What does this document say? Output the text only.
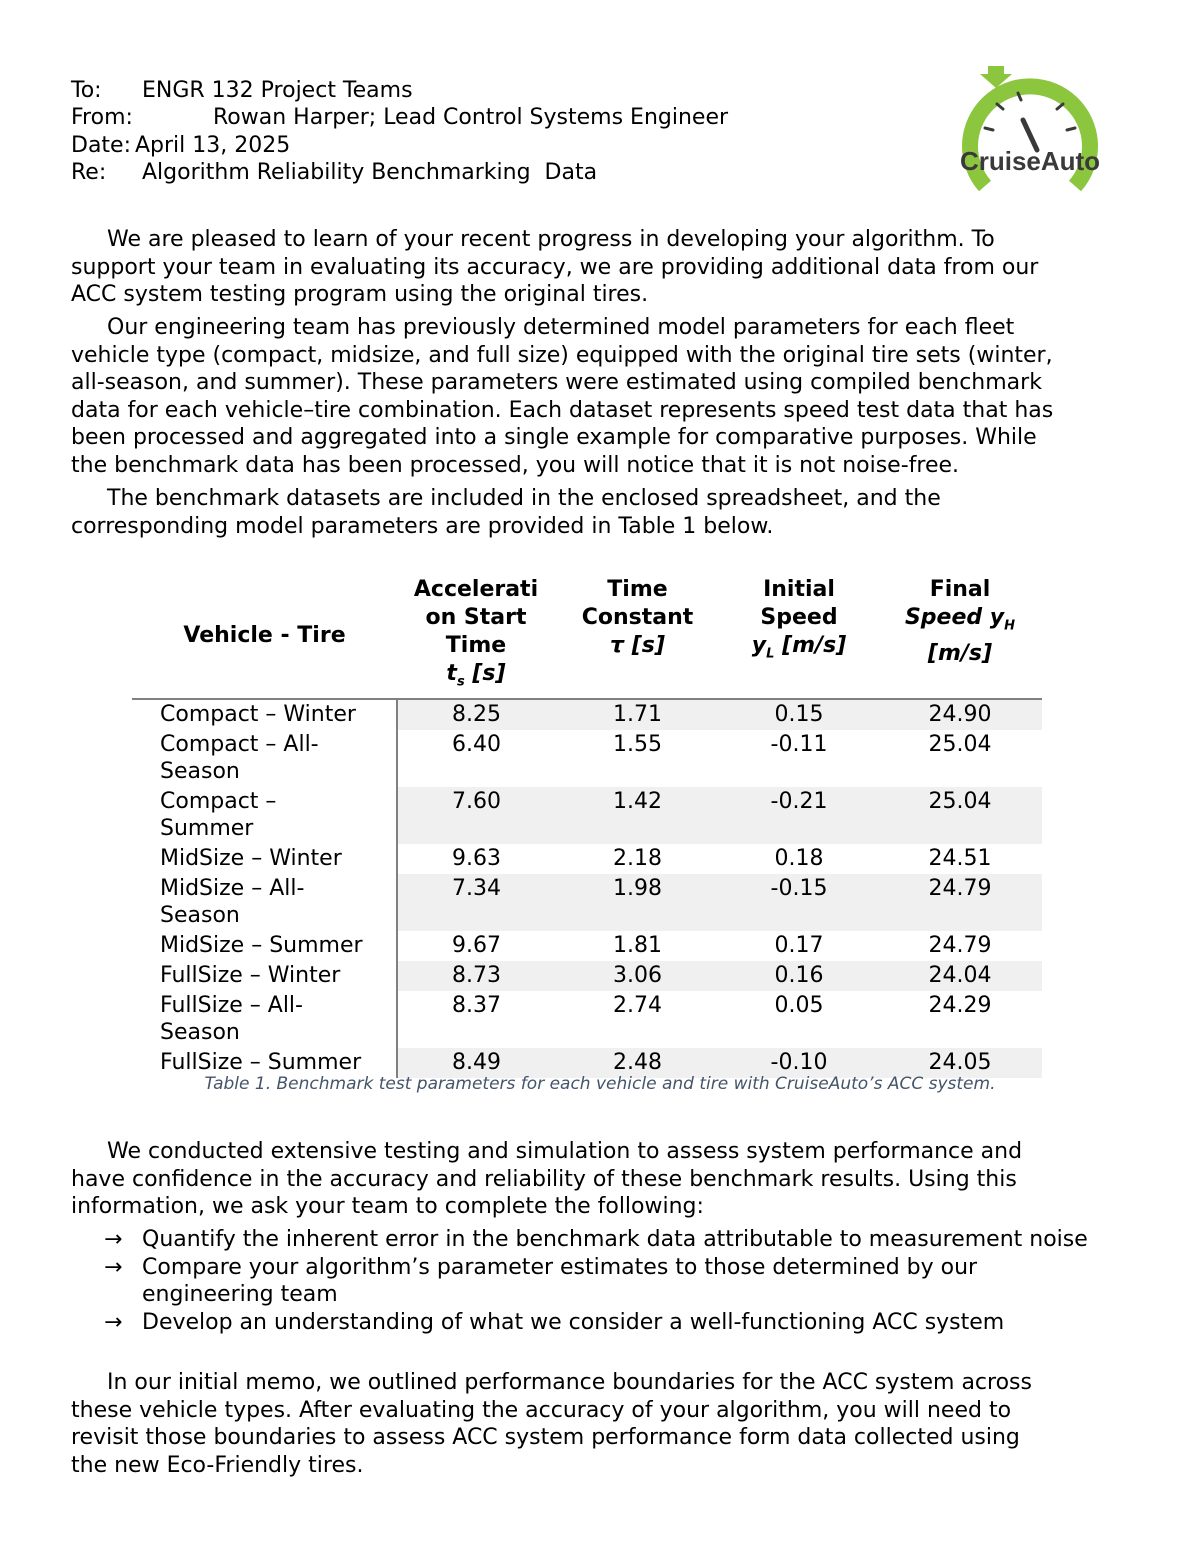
To: ENGR 132 Project Teams
From:	Rowan Harper; Lead Control Systems Engineer
Date: April 13, 2025
Re: Algorithm Reliability Benchmarking  Data	CruiseAuto

We are pleased to learn of your recent progress in developing your algorithm. To
support your team in evaluating its accuracy, we are providing additional data from our
ACC system testing program using the original tires.

Our engineering team has previously determined model parameters for each fleet
vehicle type (compact, midsize, and full size) equipped with the original tire sets (winter,
all-season, and summer). These parameters were estimated using compiled benchmark
data for each vehicle–tire combination. Each dataset represents speed test data that has
been processed and aggregated into a single example for comparative purposes. While
the benchmark data has been processed, you will notice that it is not noise-free.

The benchmark datasets are included in the enclosed spreadsheet, and the
corresponding model parameters are provided in Table 1 below.

Vehicle - Tire	Accelerati
on Start
Time
$t_s$ [s]	Time
Constant
τ [s]	Initial
Speed
$y_L$ [m/s]	Final
Speed $y_H$
[m/s]
Compact – Winter	8.25	1.71	0.15	24.90

Compact – All-Season	6.40	1.55	-0.11	25.04

Compact – Summer	7.60	1.42	-0.21	25.04
MidSize – Winter	9.63	2.18	0.18	24.51

MidSize – All-Season	7.34	1.98	-0.15	24.79
MidSize – Summer	9.67	1.81	0.17	24.79
FullSize – Winter	8.73	3.06	0.16	24.04

FullSize – All-Season	8.37	2.74	0.05	24.29
FullSize – Summer	8.49	2.48	-0.10	24.05
Table 1. Benchmark test parameters for each vehicle and tire with CruiseAuto’s ACC system.

We conducted extensive testing and simulation to assess system performance and
have confidence in the accuracy and reliability of these benchmark results. Using this
information, we ask your team to complete the following:

→ Quantify the inherent error in the benchmark data attributable to measurement noise
→ Compare your algorithm’s parameter estimates to those determined by our engineering team
→ Develop an understanding of what we consider a well-functioning ACC system

In our initial memo, we outlined performance boundaries for the ACC system across
these vehicle types. After evaluating the accuracy of your algorithm, you will need to
revisit those boundaries to assess ACC system performance form data collected using
the new Eco-Friendly tires.
